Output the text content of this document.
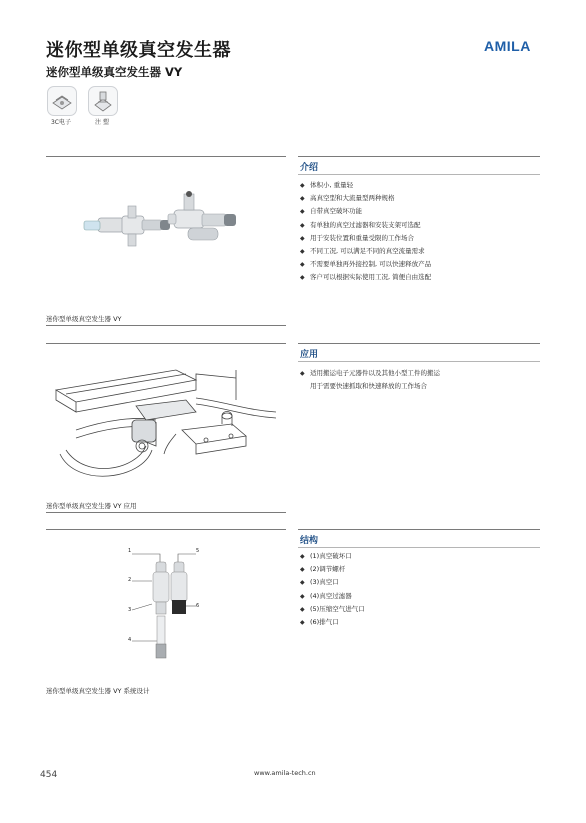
迷你型单级真空发生器
迷你型单级真空发生器 VY
AMILA
3C电子	注 塑
迷你型单级真空发生器 VY
介绍
◆ 体积小, 重量轻
◆ 高真空型和大流量型两种规格
◆ 自带真空破坏功能
◆ 有单独的真空过滤器和安装支架可选配
◆ 用于安装位置和重量受限的工作场合
◆ 不同工况, 可以满足不同的真空流量需求
◆ 不需要单独再外接控制, 可以快速释放产品
◆ 客户可以根据实际使用工况, 简便自由选配
迷你型单级真空发生器 VY 应用
应用
◆ 适用搬运电子元器件以及其他小型工件的搬运
用于需要快速抓取和快速释放的工作场合
1	5
2
6
3
4
迷你型单级真空发生器 VY 系统设计
结构
◆ (1)真空破坏口
◆ (2)调节螺杆
◆ (3)真空口
◆ (4)真空过滤器
◆ (5)压缩空气进气口
◆ (6)排气口
454	www.amila-tech.cn
